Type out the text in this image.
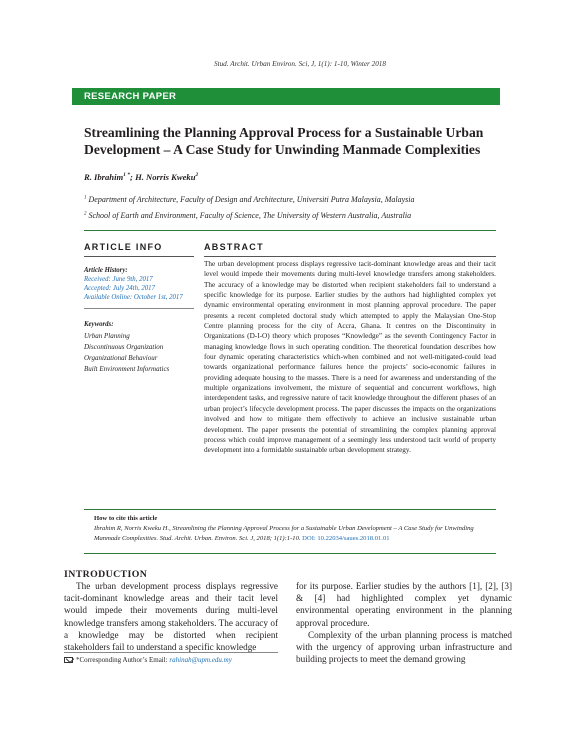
Stud. Archit. Urban Environ. Sci, J, 1(1): 1-10, Winter 2018
RESEARCH PAPER
Streamlining the Planning Approval Process for a Sustainable Urban Development – A Case Study for Unwinding Manmade Complexities
R. Ibrahim$^{1 *}$; H. Norris Kweku$^2$
$^1$ Department of Architecture, Faculty of Design and Architecture, Universiti Putra Malaysia, Malaysia
$^2$ School of Earth and Environment, Faculty of Science, The University of Western Australia, Australia
ARTICLE INFO	ABSTRACT
Article History:
Received: June 9th, 2017
Accepted: July 24th, 2017
Available Online: October 1st, 2017
Keywords:
Urban Planning
Discontinuous Organization
Organizational Behaviour
Built Environment Informatics

The urban development process displays regressive tacit-dominant knowledge areas and their tacit level would impede their movements during multi-level knowledge transfers among stakeholders. The accuracy of a knowledge may be distorted when recipient stakeholders fail to understand a specific knowledge for its purpose. Earlier studies by the authors had highlighted complex yet dynamic environmental operating environment in most planning approval procedure. The paper presents a recent completed doctoral study which attempted to apply the Malaysian One-Stop Centre planning process for the city of Accra, Ghana. It centres on the Discontinuity in Organizations (D-I-O) theory which proposes “Knowledge” as the seventh Contingency Factor in managing knowledge flows in such operating condition. The theoretical foundation describes how four dynamic operating characteristics which-when combined and not well-mitigated-could lead towards organizational performance failures hence the projects’ socio-economic failures in providing adequate housing to the masses. There is a need for awareness and understanding of the multiple organizations involvement, the mixture of sequential and concurrent workflows, high interdependent tasks, and regressive nature of tacit knowledge throughout the different phases of an urban project’s lifecycle development process. The paper discusses the impacts on the organizations involved and how to mitigate them effectively to achieve an inclusive sustainable urban development. The paper presents the potential of streamlining the complex planning approval process which could improve management of a seemingly less understood tacit world of property development into a formidable sustainable urban development strategy.

How to cite this article
Ibrahim R, Norris Kweku H., Streamlining the Planning Approval Process for a Sustainable Urban Development – A Case Study for Unwinding Manmade Complexities. Stud. Archit. Urban. Environ. Sci. J, 2018; 1(1):1-10. DOI: 10.22034/saues.2018.01.01
INTRODUCTION

The urban development process displays regressive tacit-dominant knowledge areas and their tacit level would impede their movements during multi-level knowledge transfers among stakeholders. The accuracy of a knowledge may be distorted when recipient stakeholders fail to understand a specific knowledge

for its purpose. Earlier studies by the authors [1], [2], [3] & [4] had highlighted complex yet dynamic environmental operating environment in the planning approval procedure.

Complexity of the urban planning process is matched with the urgency of approving urban infrastructure and building projects to meet the demand growing

*Corresponding Author’s Email: rahinah@upm.edu.my
